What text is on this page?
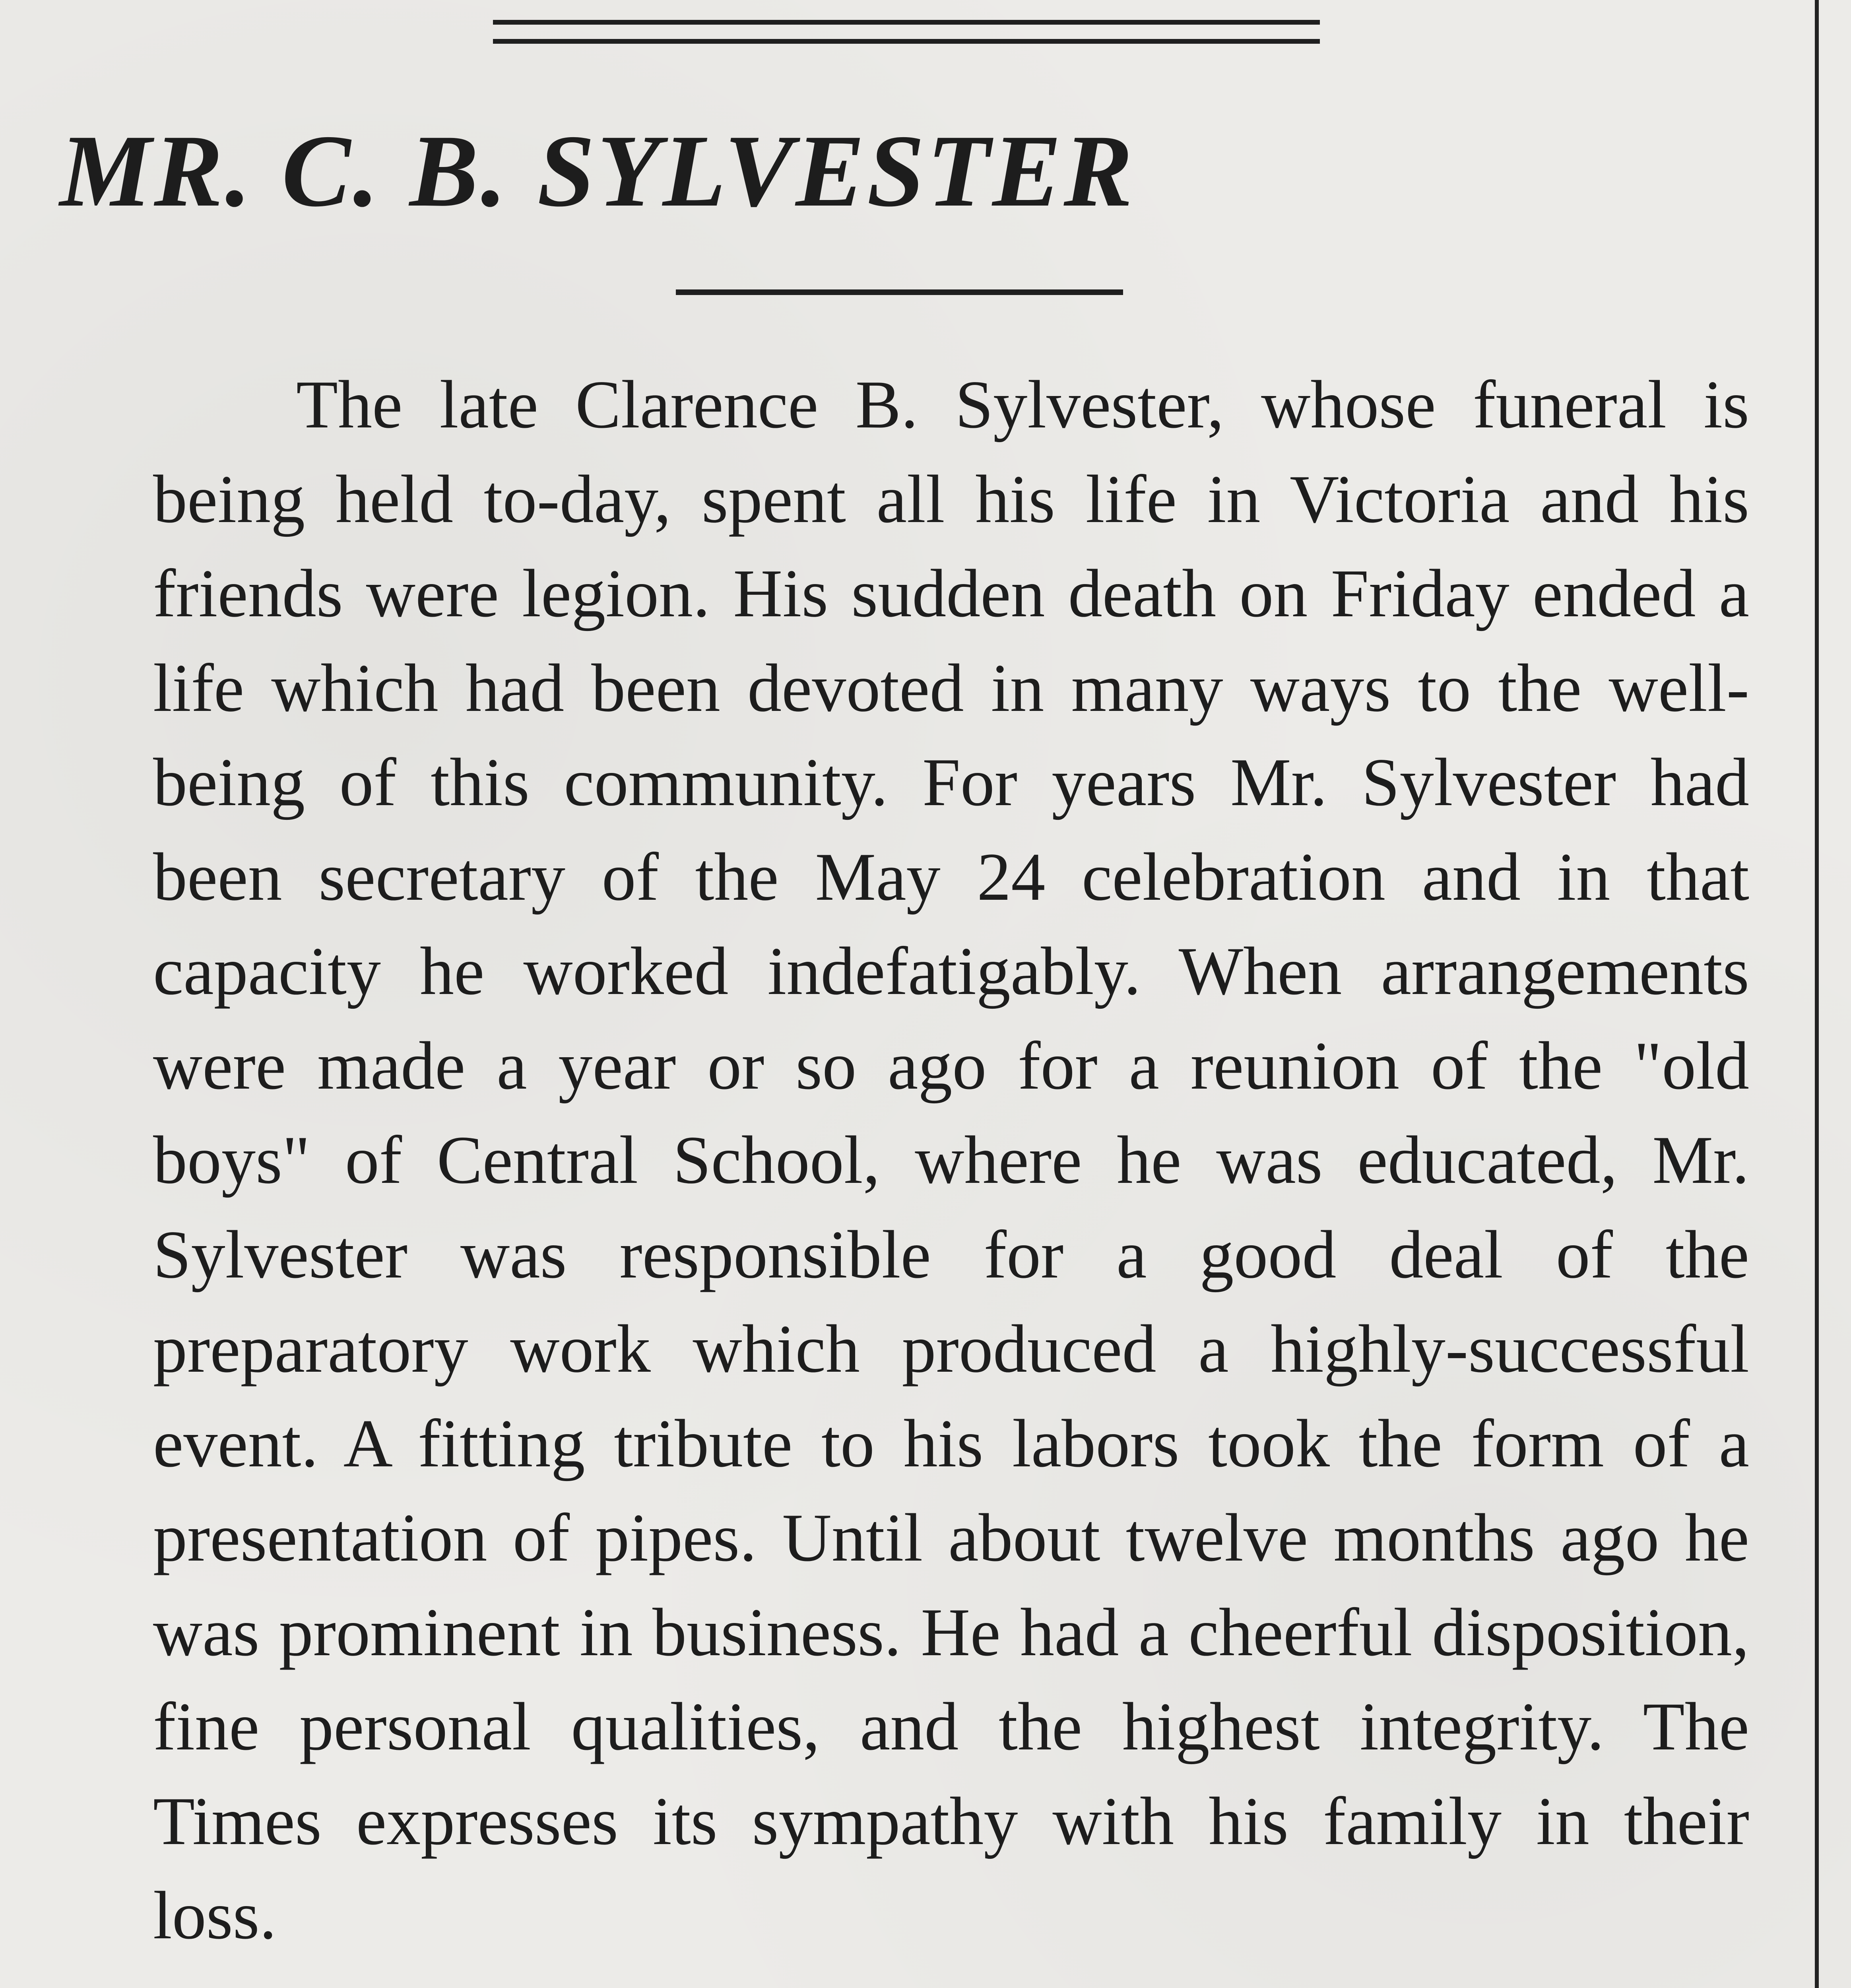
MR. C. B. SYLVESTER

The late Clarence B. Sylvester, whose funeral is being held to-day, spent all his life in Victoria and his friends were legion. His sudden death on Friday ended a life which had been devoted in many ways to the well-being of this community. For years Mr. Sylvester had been secretary of the May 24 celebration and in that capacity he worked indefatigably. When arrangements were made a year or so ago for a reunion of the "old boys" of Central School, where he was educated, Mr. Sylvester was responsible for a good deal of the preparatory work which produced a highly-successful event. A fitting tribute to his labors took the form of a presentation of pipes. Until about twelve months ago he was prominent in business. He had a cheerful disposition, fine personal qualities, and the highest integrity. The Times expresses its sympathy with his family in their loss.
